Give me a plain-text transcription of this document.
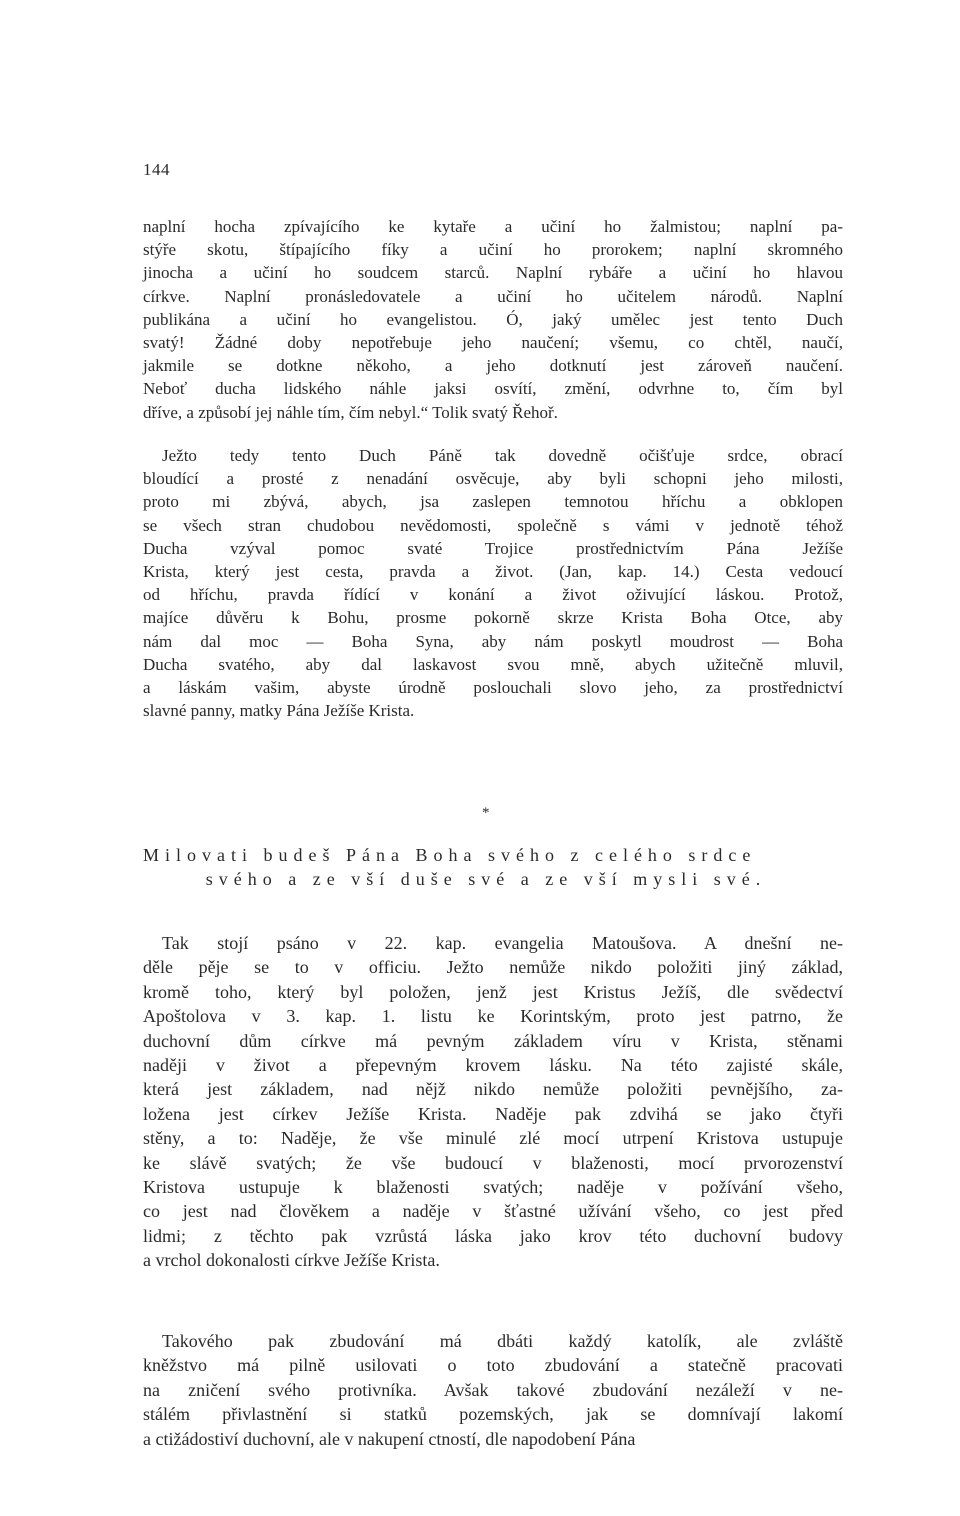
144
naplní hocha zpívajícího ke kytaře a učiní ho žalmistou; naplní pa-
stýře skotu, štípajícího fíky a učiní ho prorokem; naplní skromného
jinocha a učiní ho soudcem starců. Naplní rybáře a učiní ho hlavou
církve. Naplní pronásledovatele a učiní ho učitelem národů. Naplní
publikána a učiní ho evangelistou. Ó, jaký umělec jest tento Duch
svatý! Žádné doby nepotřebuje jeho naučení; všemu, co chtěl, naučí,
jakmile se dotkne někoho, a jeho dotknutí jest zároveň naučení.
Neboť ducha lidského náhle jaksi osvítí, změní, odvrhne to, čím byl
dříve, a způsobí jej náhle tím, čím nebyl.“ Tolik svatý Řehoř.
Ježto tedy tento Duch Páně tak dovedně očišťuje srdce, obrací
bloudící a prosté z nenadání osvěcuje, aby byli schopni jeho milosti,
proto mi zbývá, abych, jsa zaslepen temnotou hříchu a obklopen
se všech stran chudobou nevědomosti, společně s vámi v jednotě téhož
Ducha vzýval pomoc svaté Trojice prostřednictvím Pána Ježíše
Krista, který jest cesta, pravda a život. (Jan, kap. 14.) Cesta vedoucí
od hříchu, pravda řídící v konání a život oživující láskou. Protož,
majíce důvěru k Bohu, prosme pokorně skrze Krista Boha Otce, aby
nám dal moc — Boha Syna, aby nám poskytl moudrost — Boha
Ducha svatého, aby dal laskavost svou mně, abych užitečně mluvil,
a láskám vašim, abyste úrodně poslouchali slovo jeho, za prostřednictví
slavné panny, matky Pána Ježíše Krista.
*
Milovati budeš Pána Boha svého z celého srdce
svého a ze vší duše své a ze vší mysli své.
Tak stojí psáno v 22. kap. evangelia Matoušova. A dnešní ne-
děle pěje se to v officiu. Ježto nemůže nikdo položiti jiný základ,
kromě toho, který byl položen, jenž jest Kristus Ježíš, dle svědectví
Apoštolova v 3. kap. 1. listu ke Korintským, proto jest patrno, že
duchovní dům církve má pevným základem víru v Krista, stěnami
naději v život a přepevným krovem lásku. Na této zajisté skále,
která jest základem, nad nějž nikdo nemůže položiti pevnějšího, za-
ložena jest církev Ježíše Krista. Naděje pak zdvihá se jako čtyři
stěny, a to: Naděje, že vše minulé zlé mocí utrpení Kristova ustupuje
ke slávě svatých; že vše budoucí v blaženosti, mocí prvorozenství
Kristova ustupuje k blaženosti svatých; naděje v požívání všeho,
co jest nad člověkem a naděje v šťastné užívání všeho, co jest před
lidmi; z těchto pak vzrůstá láska jako krov této duchovní budovy
a vrchol dokonalosti církve Ježíše Krista.
Takového pak zbudování má dbáti každý katolík, ale zvláště
kněžstvo má pilně usilovati o toto zbudování a statečně pracovati
na zničení svého protivníka. Avšak takové zbudování nezáleží v ne-
stálém přivlastnění si statků pozemských, jak se domnívají lakomí
a ctižádostiví duchovní, ale v nakupení ctností, dle napodobení Pána
